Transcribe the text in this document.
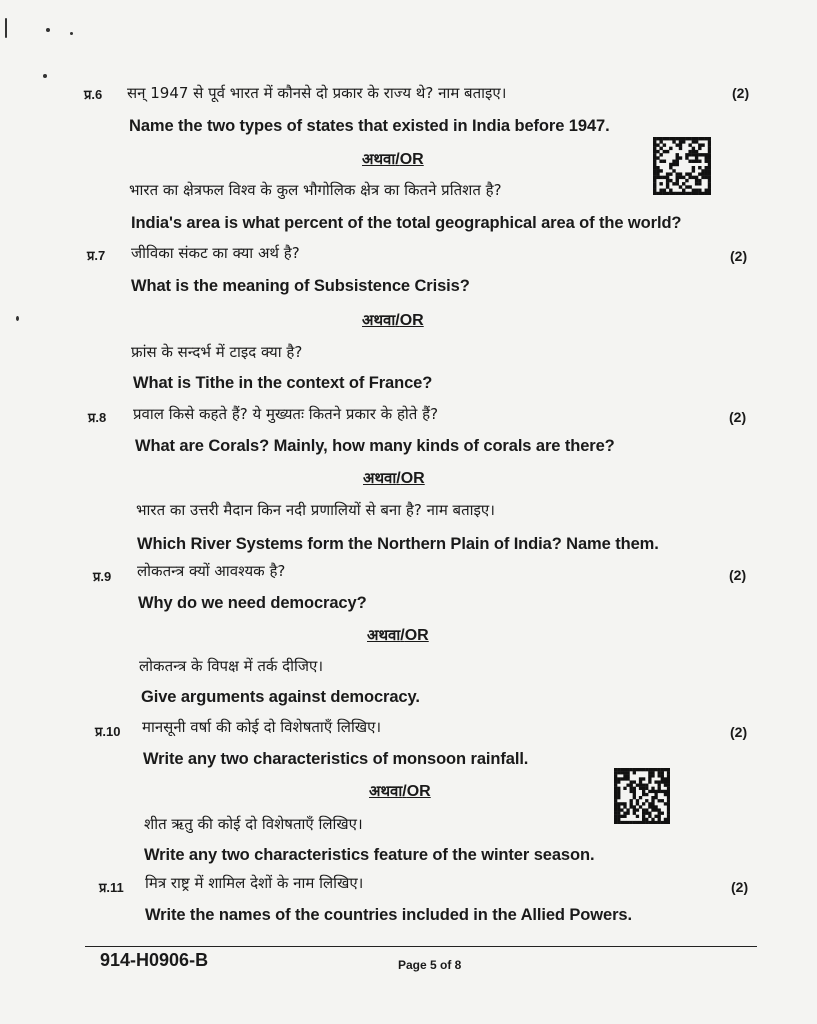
प्र.6 सन् 1947 से पूर्व भारत में कौनसे दो प्रकार के राज्य थे? नाम बताइए।	(2)
Name the two types of states that existed in India before 1947.
अथवा/OR
भारत का क्षेत्रफल विश्व के कुल भौगोलिक क्षेत्र का कितने प्रतिशत है?
India's area is what percent of the total geographical area of the world?
प्र.7 जीविका संकट का क्या अर्थ है?	(2)
What is the meaning of Subsistence Crisis?
अथवा/OR
फ्रांस के सन्दर्भ में टाइद क्या है?
What is Tithe in the context of France?
प्र.8 प्रवाल किसे कहते हैं? ये मुख्यतः कितने प्रकार के होते हैं?	(2)
What are Corals? Mainly, how many kinds of corals are there?
अथवा/OR
भारत का उत्तरी मैदान किन नदी प्रणालियों से बना है? नाम बताइए।
Which River Systems form the Northern Plain of India? Name them.
प्र.9 लोकतन्त्र क्यों आवश्यक है?	(2)
Why do we need democracy?
अथवा/OR
लोकतन्त्र के विपक्ष में तर्क दीजिए।
Give arguments against democracy.
प्र.10 मानसूनी वर्षा की कोई दो विशेषताएँ लिखिए।	(2)
Write any two characteristics of monsoon rainfall.
अथवा/OR
शीत ऋतु की कोई दो विशेषताएँ लिखिए।
Write any two characteristics feature of the winter season.
प्र.11 मित्र राष्ट्र में शामिल देशों के नाम लिखिए।	(2)
Write the names of the countries included in the Allied Powers.
914-H0906-B	Page 5 of 8
